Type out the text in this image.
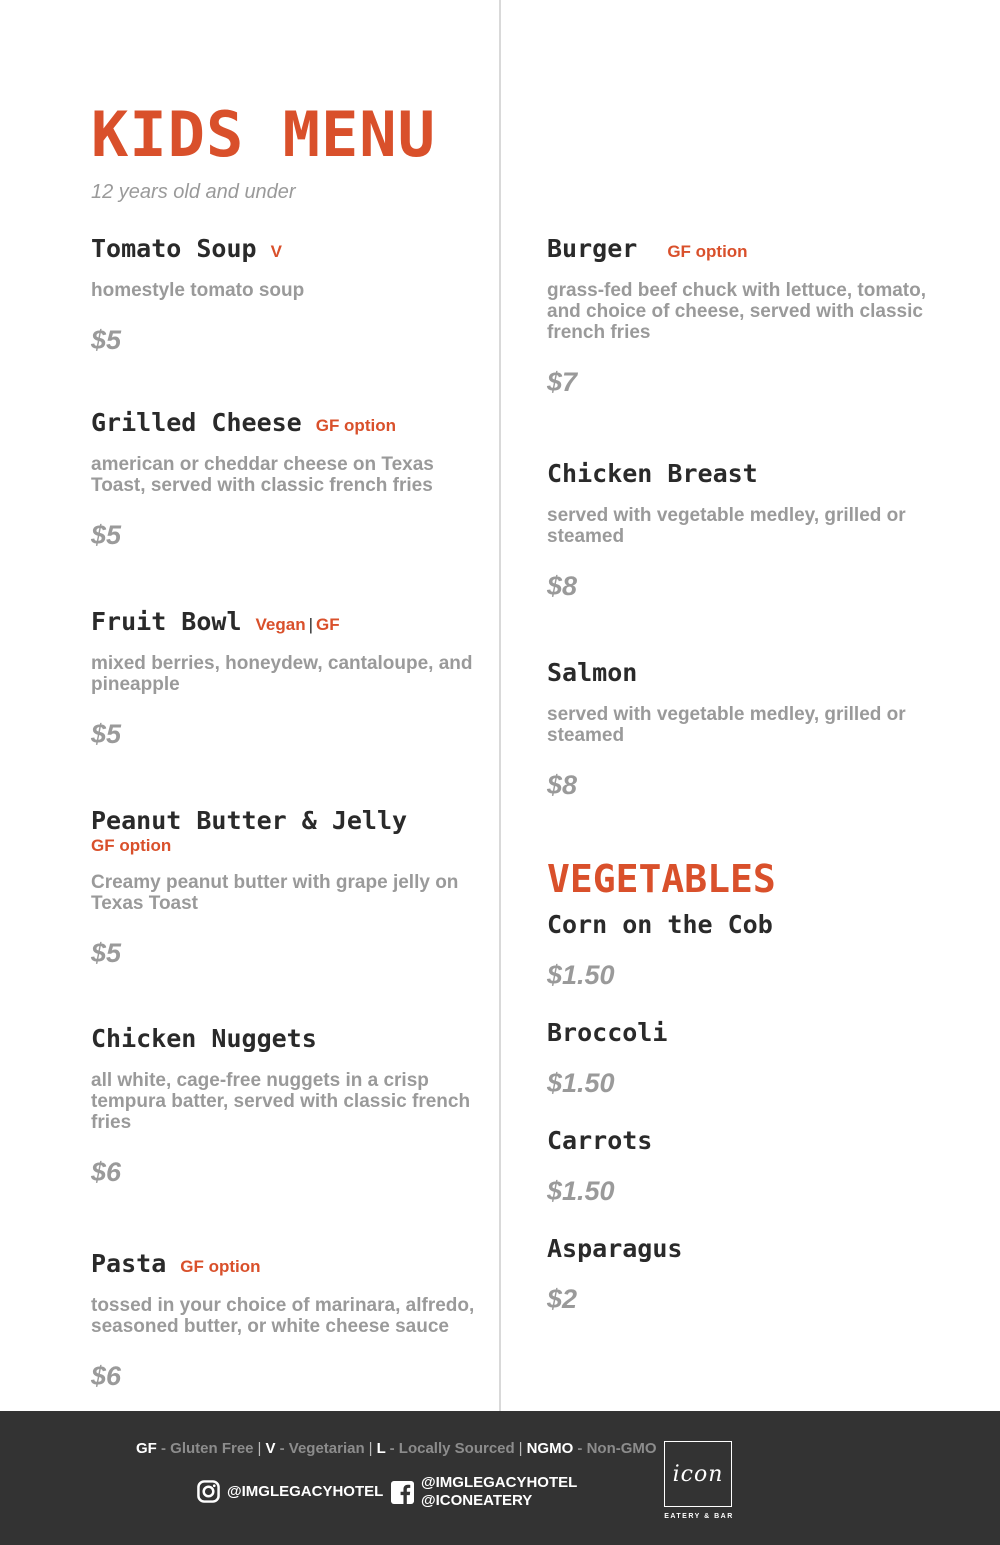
KIDS MENU

12 years old and under

Tomato Soup V
homestyle tomato soup
$5
Grilled Cheese GF option
american or cheddar cheese on Texas Toast, served with classic french fries
$5
Fruit Bowl Vegan | GF
mixed berries, honeydew, cantaloupe, and pineapple
$5
Peanut Butter & Jelly
GF option
Creamy peanut butter with grape jelly on Texas Toast
$5
Chicken Nuggets
all white, cage-free nuggets in a crisp tempura batter, served with classic french fries
$6
Pasta GF option
tossed in your choice of marinara, alfredo, seasoned butter, or white cheese sauce
$6
Burger GF option
grass-fed beef chuck with lettuce, tomato, and choice of cheese, served with classic french fries
$7
Chicken Breast
served with vegetable medley, grilled or steamed
$8
Salmon
served with vegetable medley, grilled or steamed
$8
VEGETABLES
Corn on the Cob
$1.50
Broccoli
$1.50
Carrots
$1.50
Asparagus
$2
GF - Gluten Free | V - Vegetarian | L - Locally Sourced | NGMO - Non-GMO
@IMGLEGACYHOTEL	@IMGLEGACYHOTEL
@ICONEATERY
icon
EATERY & BAR
